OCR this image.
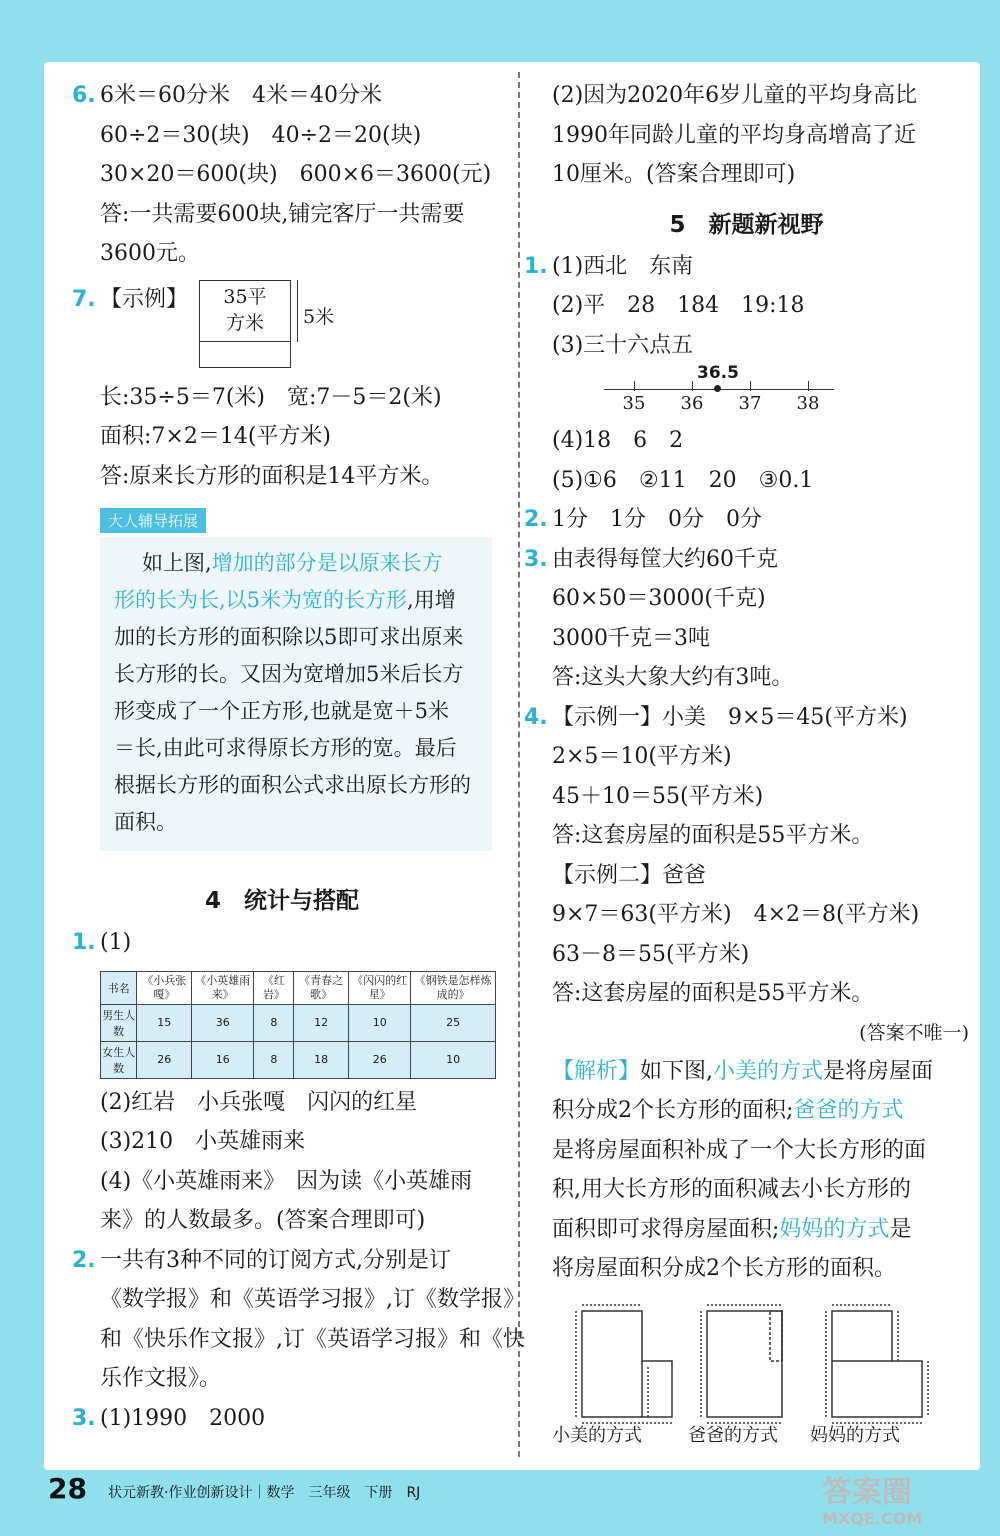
6. 6米＝60分米　4米＝40分米
60÷2＝30(块)　40÷2＝20(块)
30×20＝600(块)　600×6＝3600(元)
答:一共需要600块,铺完客厅一共需要
3600元。
7. 【示例】	35平
方米	5米
长:35÷5＝7(米)　宽:7－5＝2(米)
面积:7×2＝14(平方米)
答:原来长方形的面积是14平方米。
大人辅导拓展
如上图,增加的部分是以原来长方
形的长为长,以5米为宽的长方形,用增
加的长方形的面积除以5即可求出原来
长方形的长。又因为宽增加5米后长方
形变成了一个正方形,也就是宽＋5米
＝长,由此可求得原长方形的宽。最后
根据长方形的面积公式求出原长方形的
面积。
4　统计与搭配
1. (1)
书名	《小兵张嘎》	《小英雄雨来》	《红岩》	《青春之歌》	《闪闪的红星》	《钢铁是怎样炼成的》
男生人数	15	36	8	12	10	25
女生人数	26	16	8	18	26	10
(2)红岩　小兵张嘎　闪闪的红星
(3)210　小英雄雨来
(4)《小英雄雨来》　因为读《小英雄雨
来》的人数最多。(答案合理即可)
2. 一共有3种不同的订阅方式,分别是订
《数学报》和《英语学习报》,订《数学报》
和《快乐作文报》,订《英语学习报》和《快
乐作文报》。
3. (1)1990　2000
(2)因为2020年6岁儿童的平均身高比
1990年同龄儿童的平均身高增高了近
10厘米。(答案合理即可)
5　新题新视野
1. (1)西北　东南
(2)平　28　184　19:18
(3)三十六点五
35 36 37 38
36.5
(4)18　6　2
(5)①6　②11　20　③0.1
2. 1分　1分　0分　0分
3. 由表得每筐大约60千克
60×50＝3000(千克)
3000千克＝3吨
答:这头大象大约有3吨。
4. 【示例一】小美　9×5＝45(平方米)
2×5＝10(平方米)
45＋10＝55(平方米)
答:这套房屋的面积是55平方米。
【示例二】爸爸
9×7＝63(平方米)　4×2＝8(平方米)
63－8＝55(平方米)
答:这套房屋的面积是55平方米。
(答案不唯一)
【解析】如下图,小美的方式是将房屋面
积分成2个长方形的面积;爸爸的方式
是将房屋面积补成了一个大长方形的面
积,用大长方形的面积减去小长方形的
面积即可求得房屋面积;妈妈的方式是
将房屋面积分成2个长方形的面积。
小美的方式	爸爸的方式 妈妈的方式
28 状元新教·作业创新设计｜数学　三年级　下册　RJ	答案圈
MXQE.COM
